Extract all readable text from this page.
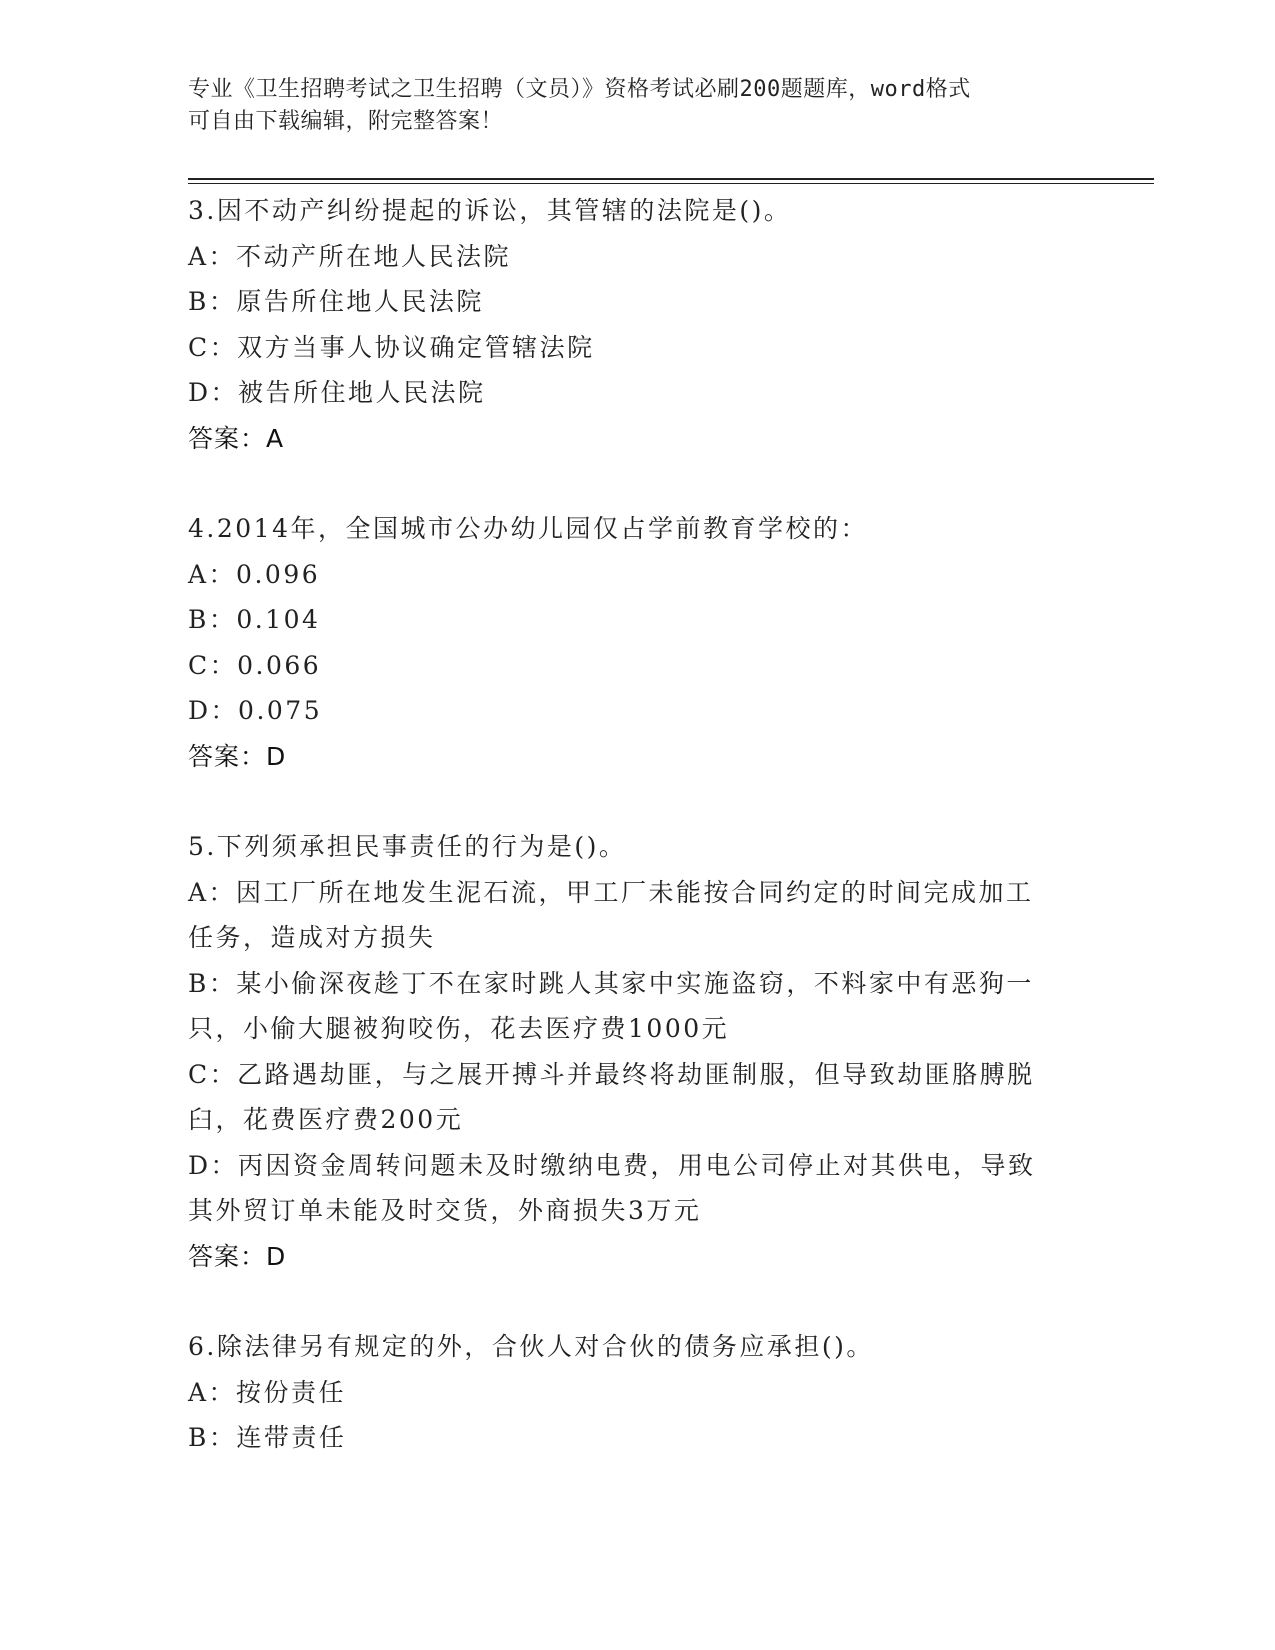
专业《卫生招聘考试之卫生招聘（文员）》资格考试必刷200题题库，word格式
可自由下载编辑，附完整答案！
3.因不动产纠纷提起的诉讼，其管辖的法院是()。
A：不动产所在地人民法院
B：原告所住地人民法院
C：双方当事人协议确定管辖法院
D：被告所住地人民法院
答案：A
4.2014年，全国城市公办幼儿园仅占学前教育学校的：
A：0.096
B：0.104
C：0.066
D：0.075
答案：D
5.下列须承担民事责任的行为是()。
A：因工厂所在地发生泥石流，甲工厂未能按合同约定的时间完成加工
任务，造成对方损失
B：某小偷深夜趁丁不在家时跳人其家中实施盗窃，不料家中有恶狗一
只，小偷大腿被狗咬伤，花去医疗费1000元
C：乙路遇劫匪，与之展开搏斗并最终将劫匪制服，但导致劫匪胳膊脱
臼，花费医疗费200元
D：丙因资金周转问题未及时缴纳电费，用电公司停止对其供电，导致
其外贸订单未能及时交货，外商损失3万元
答案：D
6.除法律另有规定的外，合伙人对合伙的债务应承担()。
A：按份责任
B：连带责任
